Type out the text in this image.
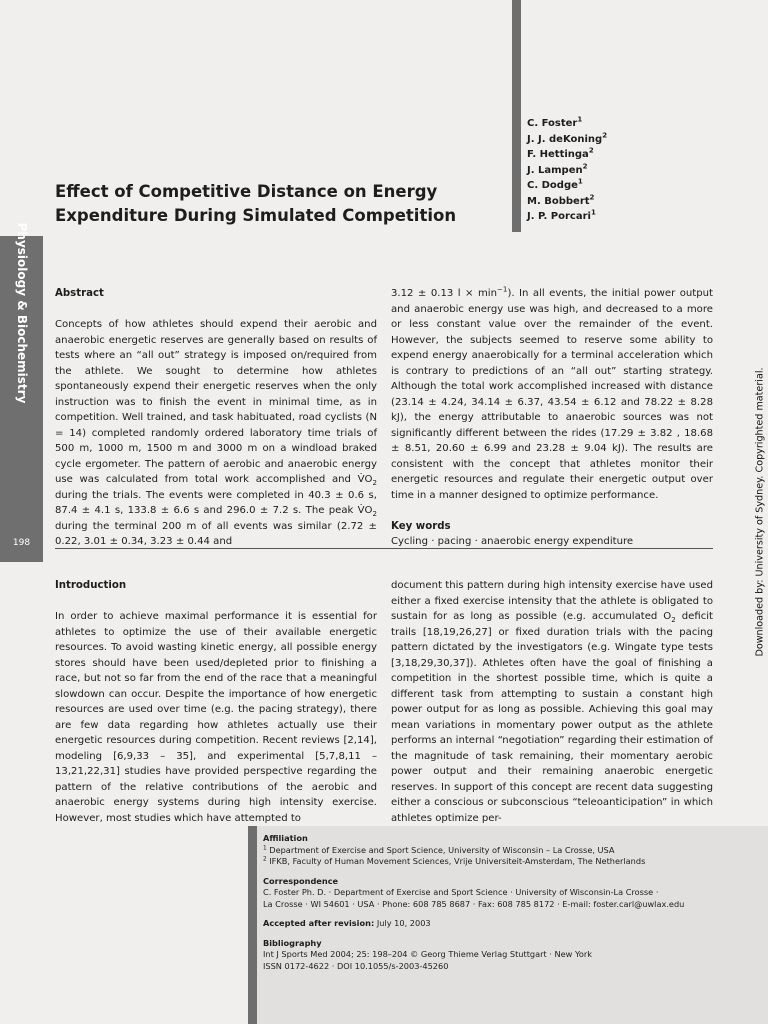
Physiology & Biochemistry
198
Effect of Competitive Distance on Energy Expenditure During Simulated Competition
C. Foster$^1$
J. J. deKoning$^2$
F. Hettinga$^2$
J. Lampen$^2$
C. Dodge$^1$
M. Bobbert$^2$
J. P. Porcari$^1$
Abstract

Concepts of how athletes should expend their aerobic and anaerobic energetic reserves are generally based on results of tests where an “all out” strategy is imposed on/required from the athlete. We sought to determine how athletes spontaneously expend their energetic reserves when the only instruction was to finish the event in minimal time, as in competition. Well trained, and task habituated, road cyclists (N = 14) completed randomly ordered laboratory time trials of 500 m, 1000 m, 1500 m and 3000 m on a windload braked cycle ergometer. The pattern of aerobic and anaerobic energy use was calculated from total work accomplished and $V̇O_2$ during the trials. The events were completed in 40.3 ± 0.6 s, 87.4 ± 4.1 s, 133.8 ± 6.6 s and 296.0 ± 7.2 s. The peak $V̇O_2$ during the terminal 200 m of all events was similar (2.72 ± 0.22, 3.01 ± 0.34, 3.23 ± 0.44 and

3.12 ± 0.13 $l \times \min^{-1}$). In all events, the initial power output and anaerobic energy use was high, and decreased to a more or less constant value over the remainder of the event. However, the subjects seemed to reserve some ability to expend energy anaerobically for a terminal acceleration which is contrary to predictions of an “all out” starting strategy. Although the total work accomplished increased with distance (23.14 ± 4.24, 34.14 ± 6.37, 43.54 ± 6.12 and 78.22 ± 8.28 kJ), the energy attributable to anaerobic sources was not significantly different between the rides (17.29 ± 3.82 , 18.68 ± 8.51, 20.60 ± 6.99 and 23.28 ± 9.04 kJ). The results are consistent with the concept that athletes monitor their energetic resources and regulate their energetic output over time in a manner designed to optimize performance.

Key words
Cycling · pacing · anaerobic energy expenditure
Introduction

In order to achieve maximal performance it is essential for athletes to optimize the use of their available energetic resources. To avoid wasting kinetic energy, all possible energy stores should have been used/depleted prior to finishing a race, but not so far from the end of the race that a meaningful slowdown can occur. Despite the importance of how energetic resources are used over time (e.g. the pacing strategy), there are few data regarding how athletes actually use their energetic resources during competition. Recent reviews [2,14], modeling [6,9,33 – 35], and experimental [5,7,8,11 – 13,21,22,31] studies have provided perspective regarding the pattern of the relative contributions of the aerobic and anaerobic energy systems during high intensity exercise. However, most studies which have attempted to

document this pattern during high intensity exercise have used either a fixed exercise intensity that the athlete is obligated to sustain for as long as possible (e.g. accumulated $O_2$ deficit trails [18,19,26,27] or fixed duration trials with the pacing pattern dictated by the investigators (e.g. Wingate type tests [3,18,29,30,37]). Athletes often have the goal of finishing a competition in the shortest possible time, which is quite a different task from attempting to sustain a constant high power output for as long as possible. Achieving this goal may mean variations in momentary power output as the athlete performs an internal “negotiation” regarding their estimation of the magnitude of task remaining, their momentary aerobic power output and their remaining anaerobic energetic reserves. In support of this concept are recent data suggesting either a conscious or subconscious “teleoanticipation” in which athletes optimize per-

Downloaded by: University of Sydney. Copyrighted material.
Affiliation
$^1$ Department of Exercise and Sport Science, University of Wisconsin – La Crosse, USA
$^2$ IFKB, Faculty of Human Movement Sciences, Vrije Universiteit-Amsterdam, The Netherlands
Correspondence
C. Foster Ph. D. · Department of Exercise and Sport Science · University of Wisconsin-La Crosse ·
La Crosse · WI 54601 · USA · Phone: 608 785 8687 · Fax: 608 785 8172 · E-mail: foster.carl@uwlax.edu
Accepted after revision: July 10, 2003
Bibliography
Int J Sports Med 2004; 25: 198–204 © Georg Thieme Verlag Stuttgart · New York
ISSN 0172-4622 · DOI 10.1055/s-2003-45260
